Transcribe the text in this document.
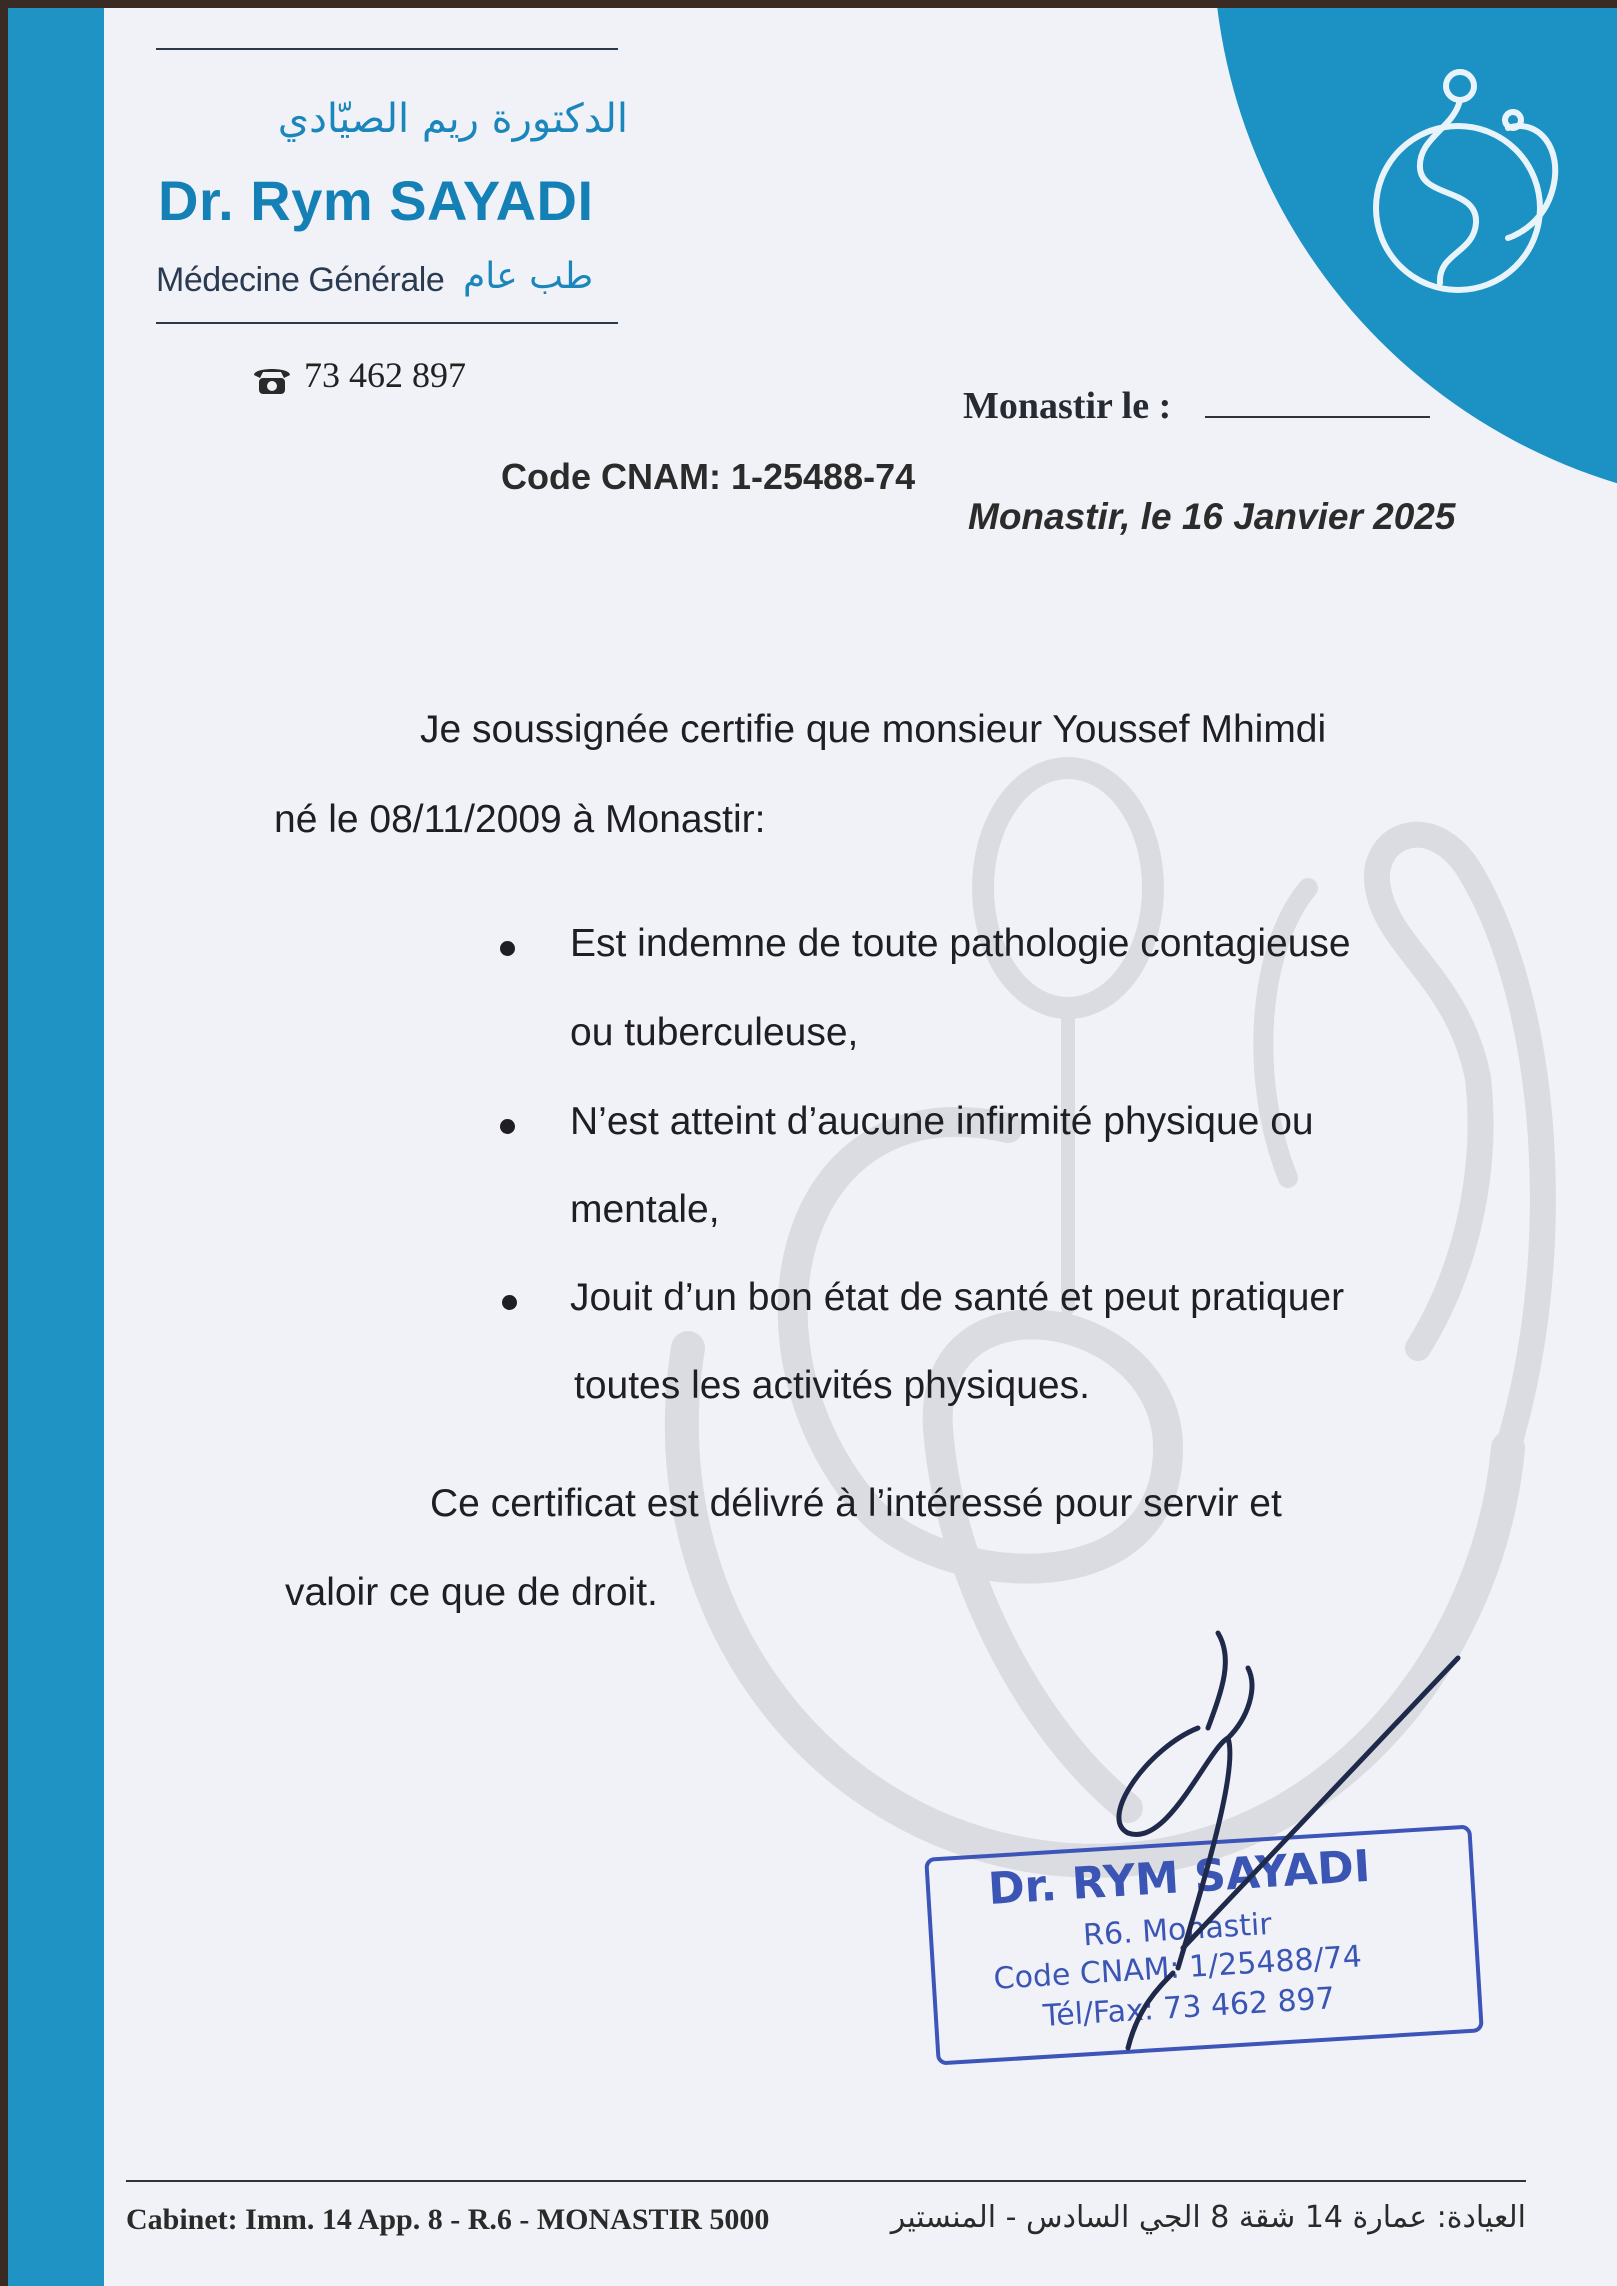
الدكتورة ريم الصيّادي
Dr. Rym SAYADI
Médecine Générale طب عام
73 462 897
Monastir le :
Code CNAM: 1-25488-74
Monastir, le 16 Janvier 2025
Je soussignée certifie que monsieur Youssef Mhimdi
né le 08/11/2009 à Monastir:
Est indemne de toute pathologie contagieuse
ou tuberculeuse,
N’est atteint d’aucune infirmité physique ou
mentale,
Jouit d’un bon état de santé et peut pratiquer
toutes les activités physiques.
Ce certificat est délivré à l’intéressé pour servir et
valoir ce que de droit.
Dr. RYM SAYADI
R6. Monastir
Code CNAM: 1/25488/74
Tél/Fax: 73 462 897
Cabinet: Imm. 14 App. 8 - R.6 - MONASTIR 5000	العيادة: عمارة 14 شقة 8 الجي السادس - المنستير
